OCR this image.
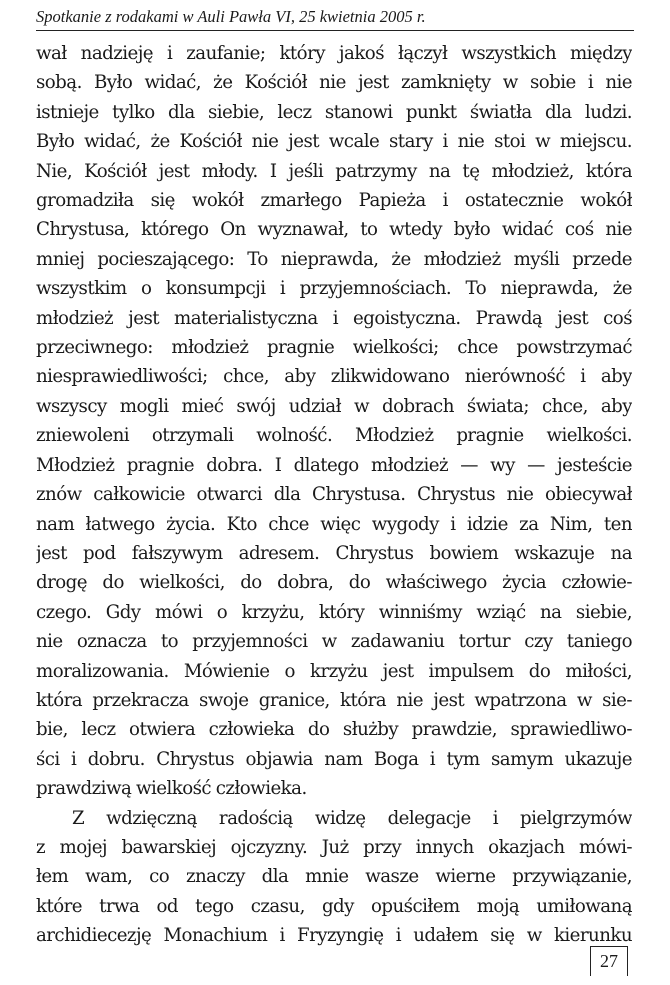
Spotkanie z rodakami w Auli Pawła VI, 25 kwietnia 2005 r.

wał nadzieję i zaufanie; który jakoś łączył wszystkich między
sobą. Było widać, że Kościół nie jest zamknięty w sobie i nie
istnieje tylko dla siebie, lecz stanowi punkt światła dla ludzi.
Było widać, że Kościół nie jest wcale stary i nie stoi w miejscu.
Nie, Kościół jest młody. I jeśli patrzymy na tę młodzież, która
gromadziła się wokół zmarłego Papieża i ostatecznie wokół
Chrystusa, którego On wyznawał, to wtedy było widać coś nie
mniej pocieszającego: To nieprawda, że młodzież myśli przede
wszystkim o konsumpcji i przyjemnościach. To nieprawda, że
młodzież jest materialistyczna i egoistyczna. Prawdą jest coś
przeciwnego: młodzież pragnie wielkości; chce powstrzymać
niesprawiedliwości; chce, aby zlikwidowano nierówność i aby
wszyscy mogli mieć swój udział w dobrach świata; chce, aby
zniewoleni otrzymali wolność. Młodzież pragnie wielkości.
Młodzież pragnie dobra. I dlatego młodzież — wy — jesteście
znów całkowicie otwarci dla Chrystusa. Chrystus nie obiecywał
nam łatwego życia. Kto chce więc wygody i idzie za Nim, ten
jest pod fałszywym adresem. Chrystus bowiem wskazuje na
drogę do wielkości, do dobra, do właściwego życia człowie-
czego. Gdy mówi o krzyżu, który winniśmy wziąć na siebie,
nie oznacza to przyjemności w zadawaniu tortur czy taniego
moralizowania. Mówienie o krzyżu jest impulsem do miłości,
która przekracza swoje granice, która nie jest wpatrzona w sie-
bie, lecz otwiera człowieka do służby prawdzie, sprawiedliwo-
ści i dobru. Chrystus objawia nam Boga i tym samym ukazuje
prawdziwą wielkość człowieka.

Z wdzięczną radością widzę delegacje i pielgrzymów
z mojej bawarskiej ojczyzny. Już przy innych okazjach mówi-
łem wam, co znaczy dla mnie wasze wierne przywiązanie,
które trwa od tego czasu, gdy opuściłem moją umiłowaną
archidiecezję Monachium i Fryzyngię i udałem się w kierunku

27
